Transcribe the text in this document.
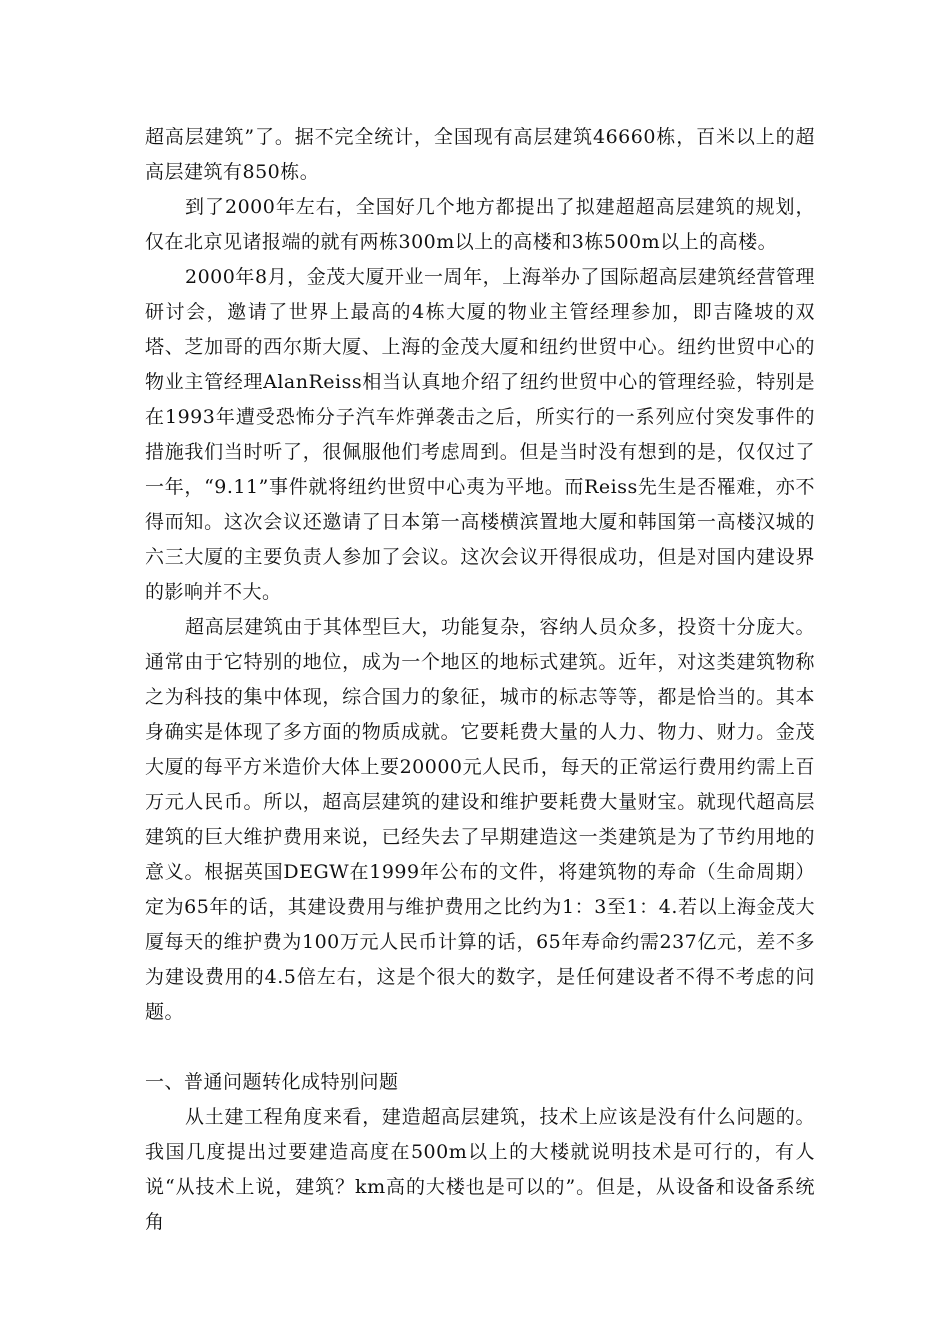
超高层建筑”了。据不完全统计，全国现有高层建筑46660栋，百米以上的超高层建筑有850栋。

到了2000年左右，全国好几个地方都提出了拟建超超高层建筑的规划，仅在北京见诸报端的就有两栋300m以上的高楼和3栋500m以上的高楼。

2000年8月，金茂大厦开业一周年，上海举办了国际超高层建筑经营管理研讨会，邀请了世界上最高的4栋大厦的物业主管经理参加，即吉隆坡的双塔、芝加哥的西尔斯大厦、上海的金茂大厦和纽约世贸中心。纽约世贸中心的物业主管经理AlanReiss相当认真地介绍了纽约世贸中心的管理经验，特别是在1993年遭受恐怖分子汽车炸弹袭击之后，所实行的一系列应付突发事件的措施我们当时听了，很佩服他们考虑周到。但是当时没有想到的是，仅仅过了一年，“9.11”事件就将纽约世贸中心夷为平地。而Reiss先生是否罹难，亦不得而知。这次会议还邀请了日本第一高楼横滨置地大厦和韩国第一高楼汉城的六三大厦的主要负责人参加了会议。这次会议开得很成功，但是对国内建设界的影响并不大。

超高层建筑由于其体型巨大，功能复杂，容纳人员众多，投资十分庞大。通常由于它特别的地位，成为一个地区的地标式建筑。近年，对这类建筑物称之为科技的集中体现，综合国力的象征，城市的标志等等，都是恰当的。其本身确实是体现了多方面的物质成就。它要耗费大量的人力、物力、财力。金茂大厦的每平方米造价大体上要20000元人民币，每天的正常运行费用约需上百万元人民币。所以，超高层建筑的建设和维护要耗费大量财宝。就现代超高层建筑的巨大维护费用来说，已经失去了早期建造这一类建筑是为了节约用地的意义。根据英国DEGW在1999年公布的文件，将建筑物的寿命（生命周期）定为65年的话，其建设费用与维护费用之比约为1：3至1：4.若以上海金茂大厦每天的维护费为100万元人民币计算的话，65年寿命约需237亿元，差不多为建设费用的4.5倍左右，这是个很大的数字，是任何建设者不得不考虑的问题。

一、普通问题转化成特别问题

从土建工程角度来看，建造超高层建筑，技术上应该是没有什么问题的。我国几度提出过要建造高度在500m以上的大楼就说明技术是可行的，有人说“从技术上说，建筑？km高的大楼也是可以的”。但是，从设备和设备系统角
